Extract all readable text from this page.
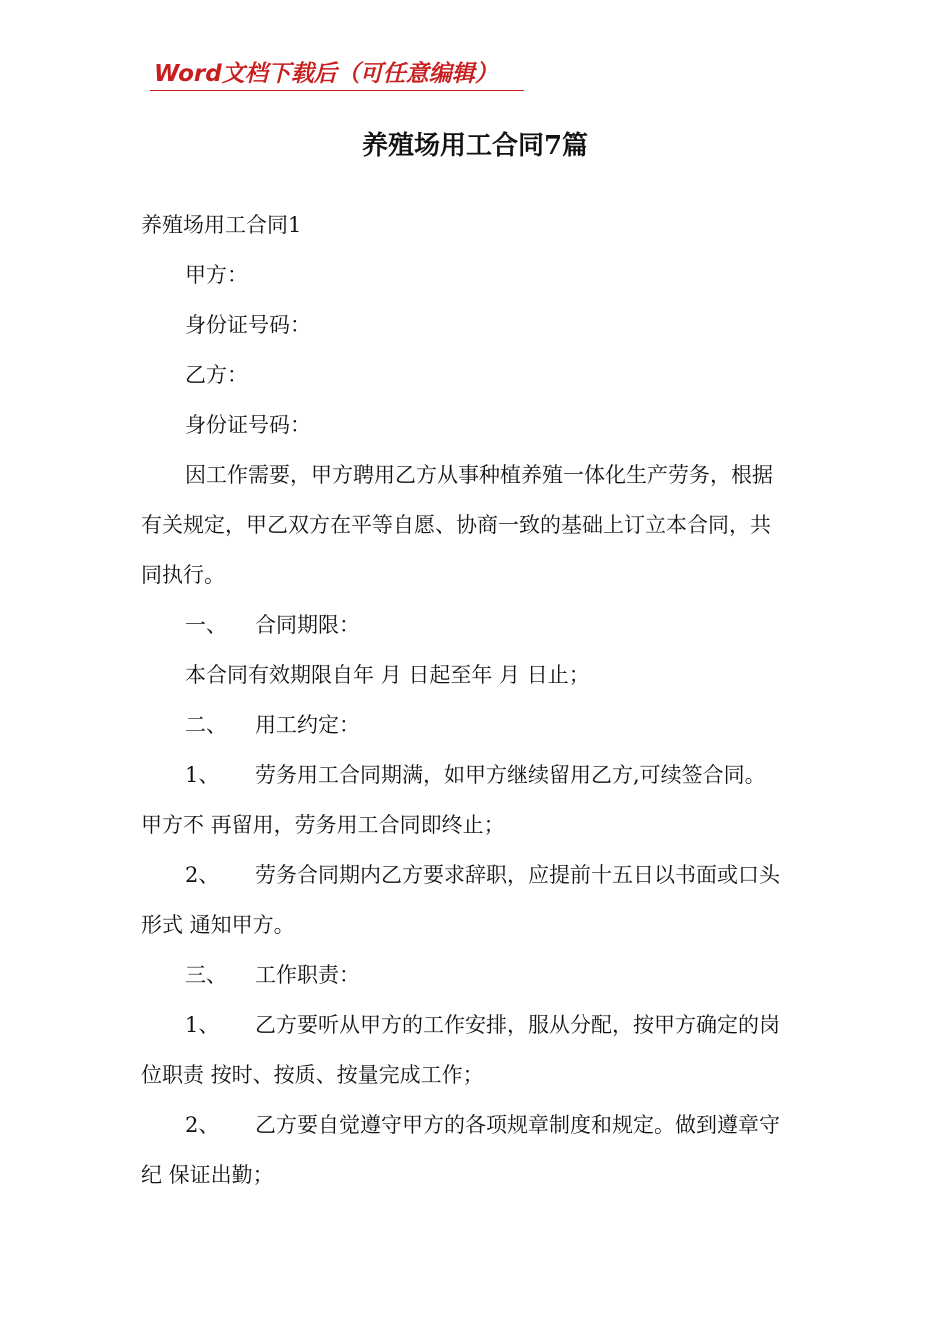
Word文档下载后（可任意编辑）
养殖场用工合同7篇
养殖场用工合同1
甲方：
身份证号码：
乙方：
身份证号码：
因工作需要，甲方聘用乙方从事种植养殖一体化生产劳务，根据
有关规定，甲乙双方在平等自愿、协商一致的基础上订立本合同，共
同执行。
一、 合同期限：
本合同有效期限自年 月 日起至年 月 日止；
二、 用工约定：
1、 劳务用工合同期满，如甲方继续留用乙方,可续签合同。
甲方不 再留用，劳务用工合同即终止；
2、 劳务合同期内乙方要求辞职，应提前十五日以书面或口头
形式 通知甲方。
三、 工作职责：
1、 乙方要听从甲方的工作安排，服从分配，按甲方确定的岗
位职责 按时、按质、按量完成工作；
2、 乙方要自觉遵守甲方的各项规章制度和规定。做到遵章守
纪 保证出勤；
